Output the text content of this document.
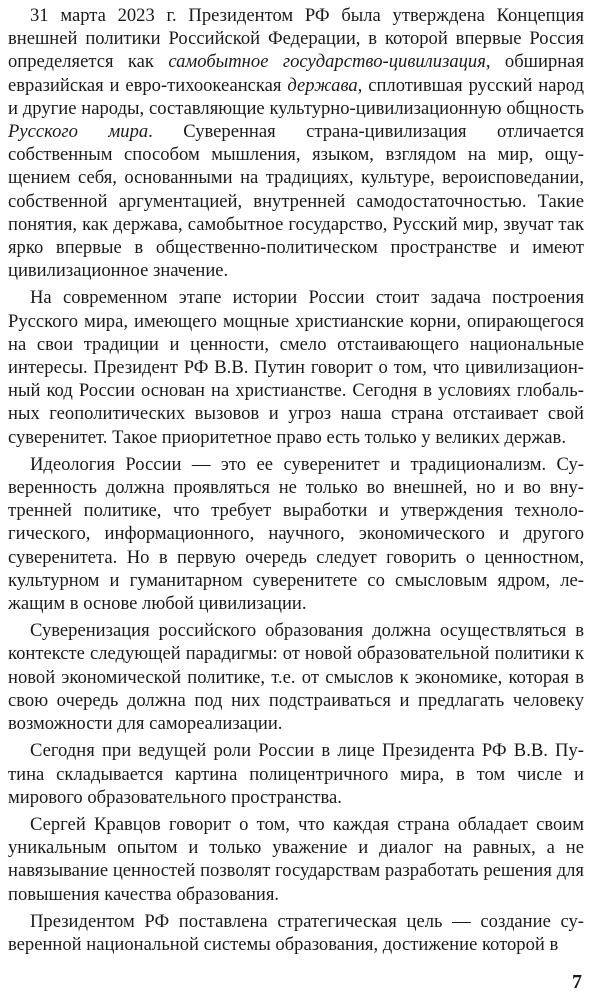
31 марта 2023 г. Президентом РФ была утверждена Концепция внешней политики Российской Федерации, в которой впервые Россия определяется как самобытное государство-цивилизация, обширная евразийская и евро-тихоокеанская держава, сплотившая русский народ и другие народы, составляющие культурно-цивилизационную общность Русского мира. Суверенная страна-цивилизация отличается собственным способом мышления, языком, взглядом на мир, ощущением себя, основанными на традициях, культуре, вероисповедании, собственной аргументацией, внутренней самодостаточностью. Такие понятия, как держава, самобытное государство, Русский мир, звучат так ярко впервые в общественно-политическом пространстве и имеют цивилизационное значение.

На современном этапе истории России стоит задача построения Русского мира, имеющего мощные христианские корни, опирающегося на свои традиции и ценности, смело отстаивающего национальные интересы. Президент РФ В.В. Путин говорит о том, что цивилизационный код России основан на христианстве. Сегодня в условиях глобальных геополитических вызовов и угроз наша страна отстаивает свой суверенитет. Такое приоритетное право есть только у великих держав.

Идеология России — это ее суверенитет и традиционализм. Суверенность должна проявляться не только во внешней, но и во внутренней политике, что требует выработки и утверждения технологического, информационного, научного, экономического и другого суверенитета. Но в первую очередь следует говорить о ценностном, культурном и гуманитарном суверенитете со смысловым ядром, лежащим в основе любой цивилизации.

Суверенизация российского образования должна осуществляться в контексте следующей парадигмы: от новой образовательной политики к новой экономической политике, т.е. от смыслов к экономике, которая в свою очередь должна под них подстраиваться и предлагать человеку возможности для самореализации.

Сегодня при ведущей роли России в лице Президента РФ В.В. Путина складывается картина полицентричного мира, в том числе и мирового образовательного пространства.

Сергей Кравцов говорит о том, что каждая страна обладает своим уникальным опытом и только уважение и диалог на равных, а не навязывание ценностей позволят государствам разработать решения для повышения качества образования.

Президентом РФ поставлена стратегическая цель — создание суверенной национальной системы образования, достижение которой в

7
